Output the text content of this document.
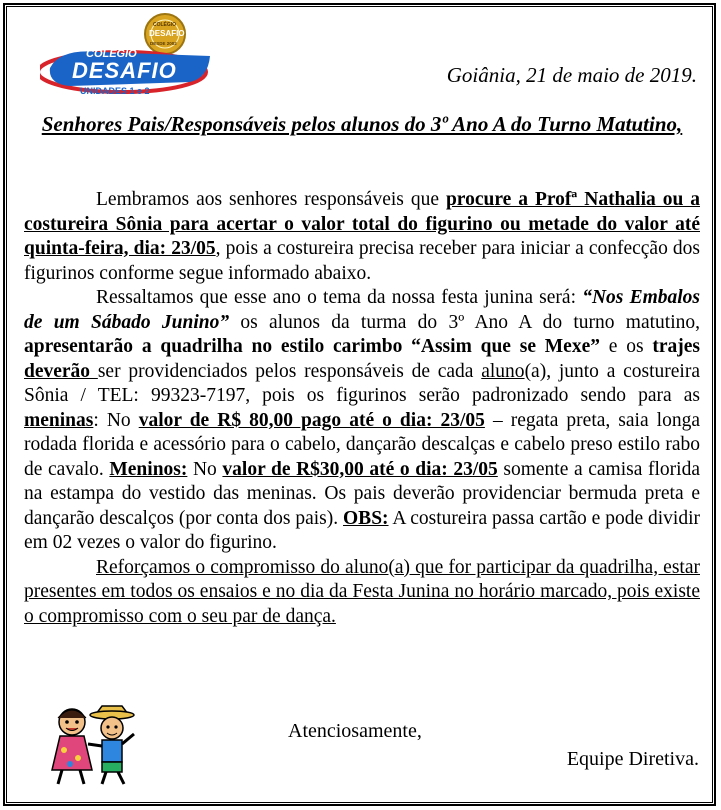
COLÉGIO
DESAFIO
DESDE 2002
COLÉGIO
DESAFIO
UNIDADES 1 e 2
Goiânia, 21 de maio de 2019.
Senhores Pais/Responsáveis pelos alunos do 3º Ano A do Turno Matutino,

Lembramos aos senhores responsáveis que procure a Profª Nathalia ou a costureira Sônia para acertar o valor total do figurino ou metade do valor até quinta-feira, dia: 23/05, pois a costureira precisa receber para iniciar a confecção dos figurinos conforme segue informado abaixo.

Ressaltamos que esse ano o tema da nossa festa junina será: “Nos Embalos de um Sábado Junino” os alunos da turma do 3º Ano A do turno matutino, apresentarão a quadrilha no estilo carimbo “Assim que se Mexe” e os trajes deverão ser providenciados pelos responsáveis de cada aluno(a), junto a costureira Sônia / TEL: 99323-7197, pois os figurinos serão padronizado sendo para as meninas: No valor de R$ 80,00 pago até o dia: 23/05 – regata preta, saia longa rodada florida e acessório para o cabelo, dançarão descalças e cabelo preso estilo rabo de cavalo. Meninos: No valor de R$30,00 até o dia: 23/05 somente a camisa florida na estampa do vestido das meninas. Os pais deverão providenciar bermuda preta e dançarão descalços (por conta dos pais). OBS: A costureira passa cartão e pode dividir em 02 vezes o valor do figurino.

Reforçamos o compromisso do aluno(a) que for participar da quadrilha, estar presentes em todos os ensaios e no dia da Festa Junina no horário marcado, pois existe o compromisso com o seu par de dança.

Atenciosamente,
Equipe Diretiva.
